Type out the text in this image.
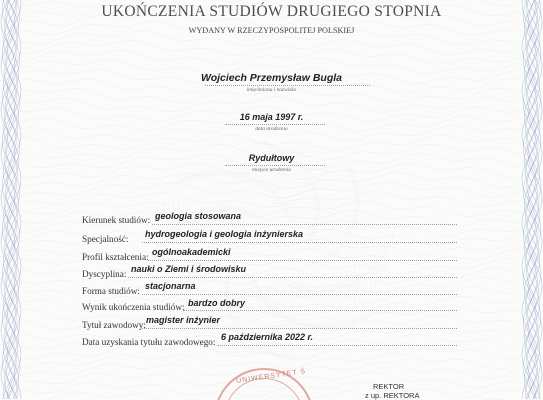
UKOŃCZENIA STUDIÓW DRUGIEGO STOPNIA
WYDANY W RZECZYPOSPOLITEJ POLSKIEJ
Wojciech Przemysław Bugla
imię/imiona i nazwisko
16 maja 1997 r.
data urodzenia
Rydułtowy
miejsce urodzenia
Kierunek studiów: geologia stosowana
Specjalność: hydrogeologia i geologia inżynierska
Profil kształcenia: ogólnoakademicki
Dyscyplina: nauki o Ziemi i środowisku
Forma studiów: stacjonarna
Wynik ukończenia studiów: bardzo dobry
Tytuł zawodowy: magister inżynier
Data uzyskania tytułu zawodowego: 6 października 2022 r.
UNIWERSYTET Ś
REKTOR
z up. REKTORA
